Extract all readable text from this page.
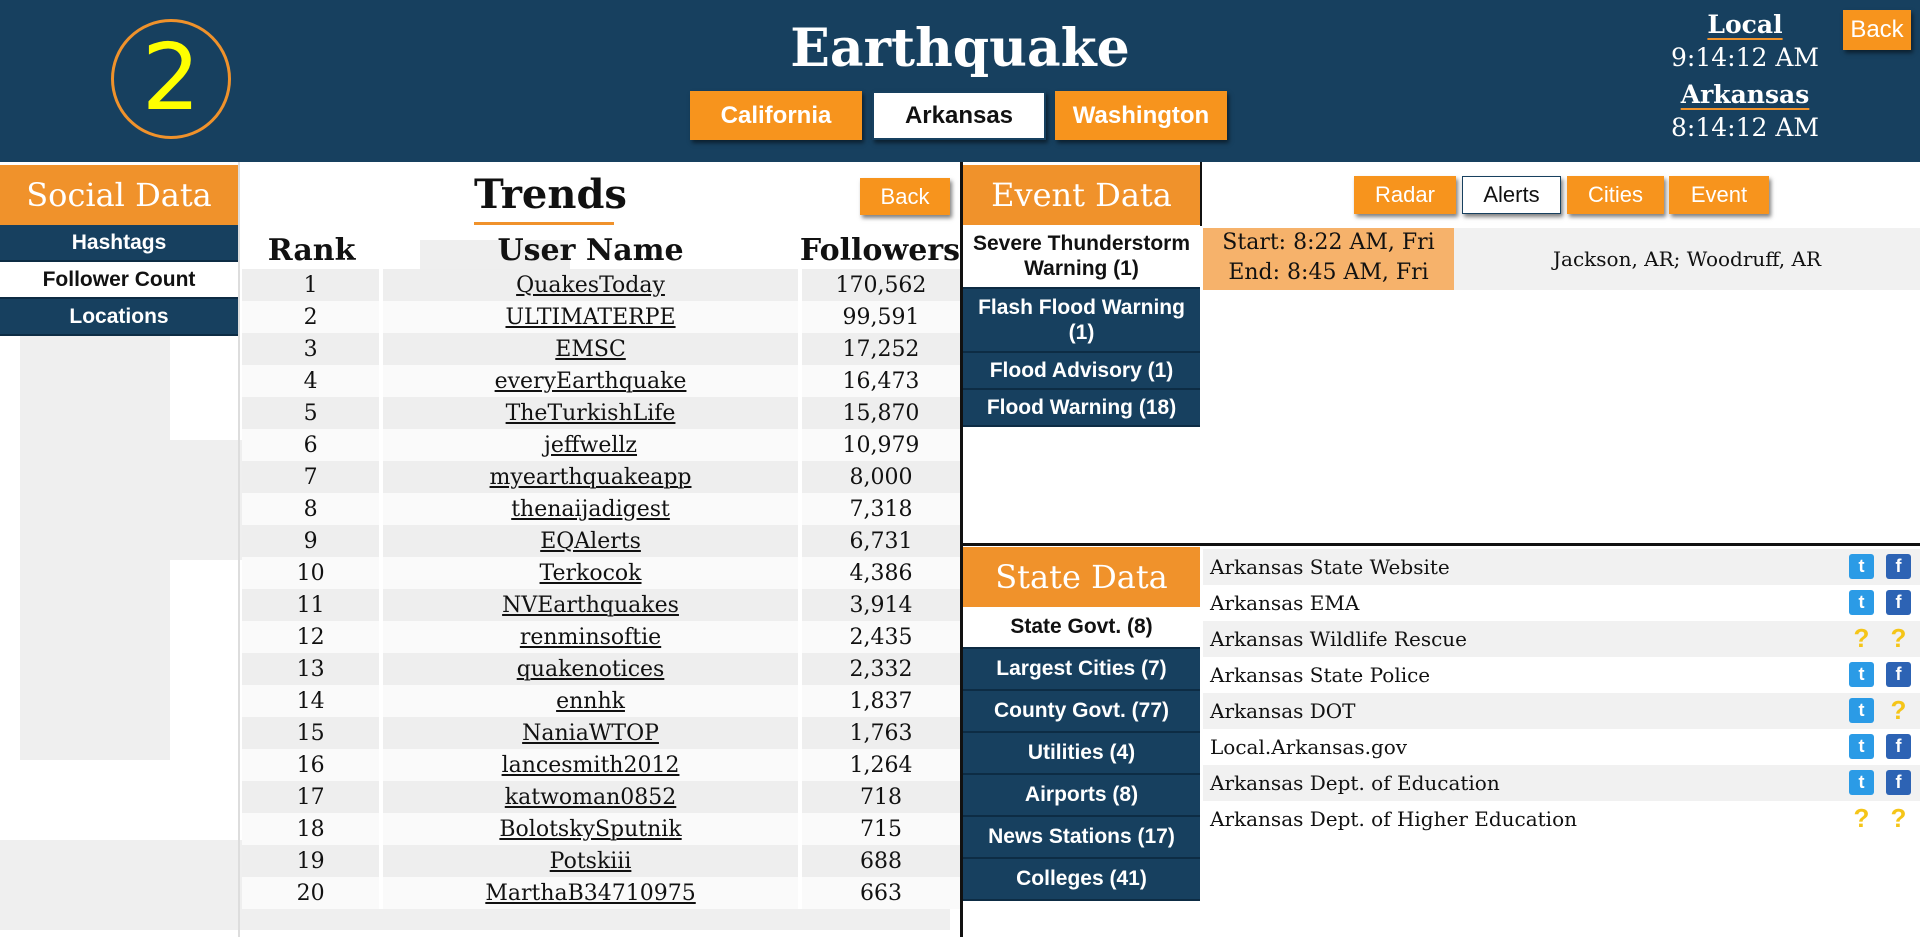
2	Earthquake
California	Arkansas	Washington
Local
9:14:12 AM
Arkansas
8:14:12 AM
Back
Social Data
Hashtags
Follower Count
Locations
Trends	Back
Rank	User Name	Followers
1	QuakesToday	170,562
2	ULTIMATERPE	99,591
3	EMSC	17,252
4	everyEarthquake	16,473
5	TheTurkishLife	15,870
6	jeffwellz	10,979
7	myearthquakeapp	8,000
8	thenaijadigest	7,318
9	EQAlerts	6,731
10	Terkocok	4,386
11	NVEarthquakes	3,914
12	renminsoftie	2,435
13	quakenotices	2,332
14	ennhk	1,837
15	NaniaWTOP	1,763
16	lancesmith2012	1,264
17	katwoman0852	718
18	BolotskySputnik	715
19	Potskiii	688
20	MarthaB34710975	663
Event Data
Severe Thunderstorm Warning (1)
Flash Flood Warning (1)
Flood Advisory (1)
Flood Warning (18)
Radar	Alerts	Cities	Event
Start: 8:22 AM, Fri
End: 8:45 AM, Fri
Jackson, AR; Woodruff, AR
State Data
State Govt. (8)
Largest Cities (7)
County Govt. (77)
Utilities (4)
Airports (8)
News Stations (17)
Colleges (41)
Arkansas State Website	t	f
Arkansas EMA	t	f
Arkansas Wildlife Rescue	? ?
Arkansas State Police	t	f
Arkansas DOT	t	?
Local.Arkansas.gov	t	f
Arkansas Dept. of Education	t	f
Arkansas Dept. of Higher Education	? ?
